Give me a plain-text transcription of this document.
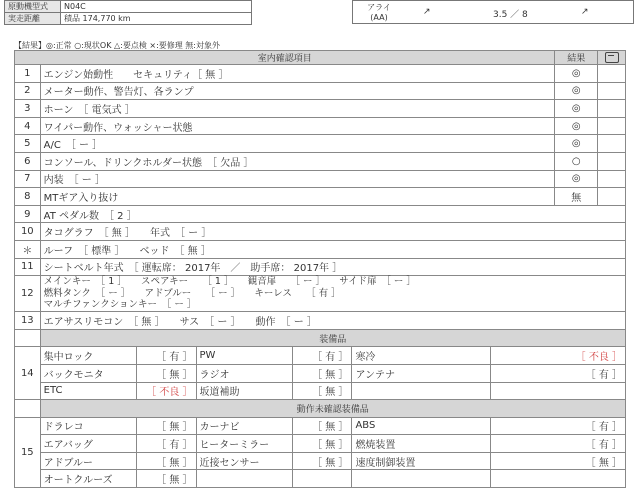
原動機型式	N04C
実走距離	積品 174,770 km
アライ (AA)
↗	3.5 ／ 8	↗
【結果】◎:正常 ○:現状OK △:要点検 ×:要修理 無:対象外
室内確認項目							結果	
1	エンジン始動性　　セキュリティ［ 無 ］						◎	
2	メーター動作、警告灯、各ランプ						◎	
3	ホーン　［ 電気式 ］						◎	
4	ワイパー動作、ウォッシャー状態						◎	
5	A/C　［ ー ］						◎	
6	コンソール、ドリンクホルダー状態　［ 欠品 ］						○	
7	内装　［ ー ］						◎	
8	MTギア入り抜け						無	
9	AT ペダル数　［ 2 ］							
10	タコグラフ　［ 無 ］　　年式　［ ー ］							
＊	ルーフ　［ 標準 ］　　ベッド　［ 無 ］							
11	シートベルト年式　［ 運転席： 2017年　／　助手席： 2017年 ］							
12	メインキー　［ 1 ］　　スペアキー　　［ 1 ］　　観音扉　　［ ー ］　　サイド扉　［ ー ］
燃料タンク　［ ー ］　　アドブルー　　［ ー ］　　キーレス　　［ 有 ］
マルチファンクションキー　［ ー ］							

13	エアサスリモコン　［ 無 ］　　サス　［ ー ］　　動作　［ ー ］							
	装備品							
14	集中ロック	［ 有 ］	PW	［ 有 ］	寒冷	［ 不良 ］		
	バックモニタ	［ 無 ］	ラジオ	［ 無 ］	アンテナ	［ 有 ］		
	ETC	［ 不良 ］	坂道補助	［ 無 ］				
	動作未確認装備品							
15	ドラレコ	［ 無 ］	カーナビ	［ 無 ］	ABS	［ 有 ］		
	エアバッグ	［ 有 ］	ヒーターミラー	［ 無 ］	燃焼装置	［ 有 ］		
	アドブルー	［ 無 ］	近接センサー	［ 無 ］	速度制御装置	［ 無 ］		
	オートクルーズ	［ 無 ］						
